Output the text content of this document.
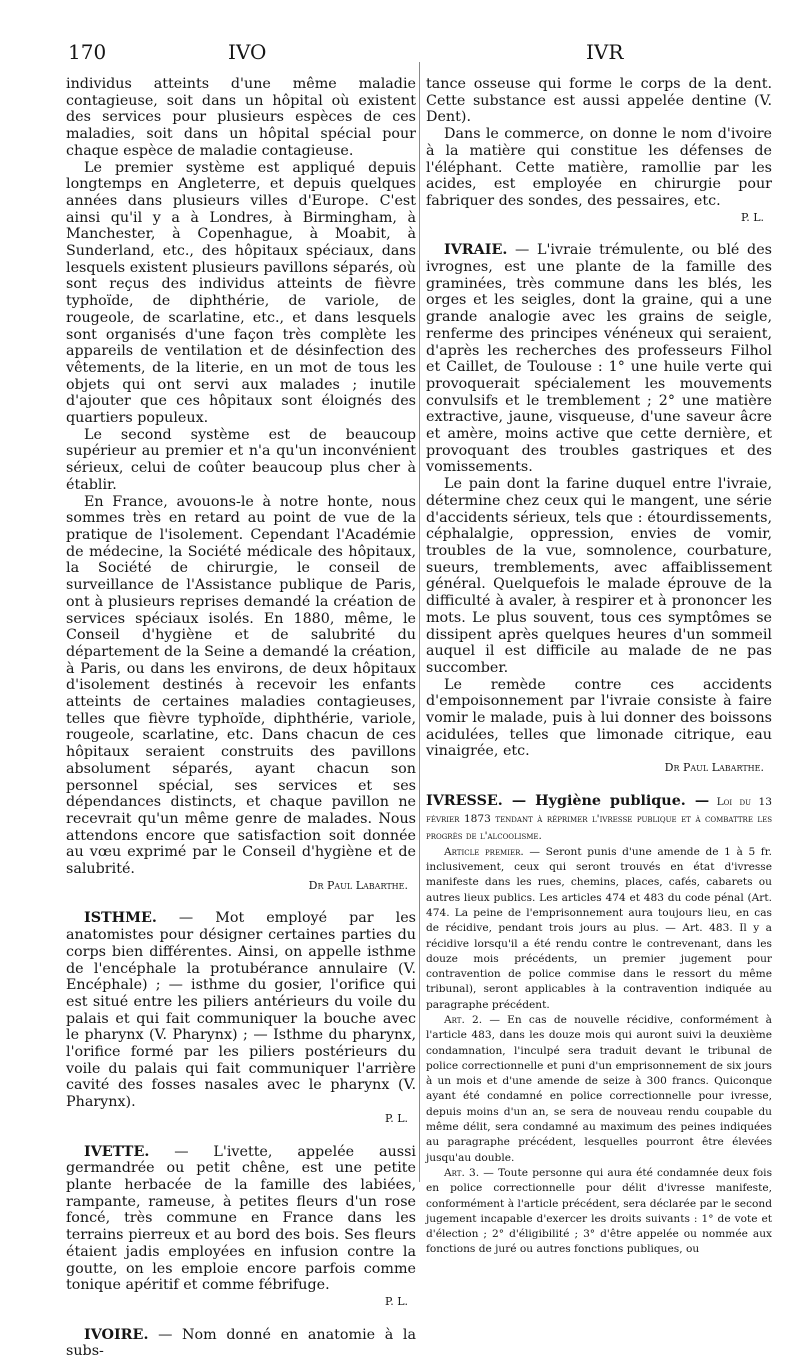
170	IVO	IVR

individus atteints d'une même maladie contagieuse, soit dans un hôpital où existent des services pour plusieurs espèces de ces maladies, soit dans un hôpital spécial pour chaque espèce de maladie contagieuse.

Le premier système est appliqué depuis longtemps en Angleterre, et depuis quelques années dans plusieurs villes d'Europe. C'est ainsi qu'il y a à Londres, à Birmingham, à Manchester, à Copenhague, à Moabit, à Sunderland, etc., des hôpitaux spéciaux, dans lesquels existent plusieurs pavillons séparés, où sont reçus des individus atteints de fièvre typhoïde, de diphthérie, de variole, de rougeole, de scarlatine, etc., et dans lesquels sont organisés d'une façon très complète les appareils de ventilation et de désinfection des vêtements, de la literie, en un mot de tous les objets qui ont servi aux malades ; inutile d'ajouter que ces hôpitaux sont éloignés des quartiers populeux.

Le second système est de beaucoup supérieur au premier et n'a qu'un inconvénient sérieux, celui de coûter beaucoup plus cher à établir.

En France, avouons-le à notre honte, nous sommes très en retard au point de vue de la pratique de l'isolement. Cependant l'Académie de médecine, la Société médicale des hôpitaux, la Société de chirurgie, le conseil de surveillance de l'Assistance publique de Paris, ont à plusieurs reprises demandé la création de services spéciaux isolés. En 1880, même, le Conseil d'hygiène et de salubrité du département de la Seine a demandé la création, à Paris, ou dans les environs, de deux hôpitaux d'isolement destinés à recevoir les enfants atteints de certaines maladies contagieuses, telles que fièvre typhoïde, diphthérie, variole, rougeole, scarlatine, etc. Dans chacun de ces hôpitaux seraient construits des pavillons absolument séparés, ayant chacun son personnel spécial, ses services et ses dépendances distincts, et chaque pavillon ne recevrait qu'un même genre de malades. Nous attendons encore que satisfaction soit donnée au vœu exprimé par le Conseil d'hygiène et de salubrité.

Dr Paul Labarthe.

ISTHME. — Mot employé par les anatomistes pour désigner certaines parties du corps bien différentes. Ainsi, on appelle isthme de l'encéphale la protubérance annulaire (V. Encéphale) ; — isthme du gosier, l'orifice qui est situé entre les piliers antérieurs du voile du palais et qui fait communiquer la bouche avec le pharynx (V. Pharynx) ; — Isthme du pharynx, l'orifice formé par les piliers postérieurs du voile du palais qui fait communiquer l'arrière cavité des fosses nasales avec le pharynx (V. Pharynx).

P. L.

IVETTE. — L'ivette, appelée aussi germandrée ou petit chêne, est une petite plante herbacée de la famille des labiées, rampante, rameuse, à petites fleurs d'un rose foncé, très commune en France dans les terrains pierreux et au bord des bois. Ses fleurs étaient jadis employées en infusion contre la goutte, on les emploie encore parfois comme tonique apéritif et comme fébrifuge.

P. L.

IVOIRE. — Nom donné en anatomie à la subs-

tance osseuse qui forme le corps de la dent. Cette substance est aussi appelée dentine (V. Dent).

Dans le commerce, on donne le nom d'ivoire à la matière qui constitue les défenses de l'éléphant. Cette matière, ramollie par les acides, est employée en chirurgie pour fabriquer des sondes, des pessaires, etc.

P. L.

IVRAIE. — L'ivraie trémulente, ou blé des ivrognes, est une plante de la famille des graminées, très commune dans les blés, les orges et les seigles, dont la graine, qui a une grande analogie avec les grains de seigle, renferme des principes vénéneux qui seraient, d'après les recherches des professeurs Filhol et Caillet, de Toulouse : 1° une huile verte qui provoquerait spécialement les mouvements convulsifs et le tremblement ; 2° une matière extractive, jaune, visqueuse, d'une saveur âcre et amère, moins active que cette dernière, et provoquant des troubles gastriques et des vomissements.

Le pain dont la farine duquel entre l'ivraie, détermine chez ceux qui le mangent, une série d'accidents sérieux, tels que : étourdissements, céphalalgie, oppression, envies de vomir, troubles de la vue, somnolence, courbature, sueurs, tremblements, avec affaiblissement général. Quelquefois le malade éprouve de la difficulté à avaler, à respirer et à prononcer les mots. Le plus souvent, tous ces symptômes se dissipent après quelques heures d'un sommeil auquel il est difficile au malade de ne pas succomber.

Le remède contre ces accidents d'empoisonnement par l'ivraie consiste à faire vomir le malade, puis à lui donner des boissons acidulées, telles que limonade citrique, eau vinaigrée, etc.

Dr Paul Labarthe.

IVRESSE. — Hygiène publique. — Loi du 13 février 1873 tendant à réprimer l'ivresse publique et à combattre les progrès de l'alcoolisme.

Article premier. — Seront punis d'une amende de 1 à 5 fr. inclusivement, ceux qui seront trouvés en état d'ivresse manifeste dans les rues, chemins, places, cafés, cabarets ou autres lieux publics. Les articles 474 et 483 du code pénal (Art. 474. La peine de l'emprisonnement aura toujours lieu, en cas de récidive, pendant trois jours au plus. — Art. 483. Il y a récidive lorsqu'il a été rendu contre le contrevenant, dans les douze mois précédents, un premier jugement pour contravention de police commise dans le ressort du même tribunal), seront applicables à la contravention indiquée au paragraphe précédent.

Art. 2. — En cas de nouvelle récidive, conformément à l'article 483, dans les douze mois qui auront suivi la deuxième condamnation, l'inculpé sera traduit devant le tribunal de police correctionnelle et puni d'un emprisonnement de six jours à un mois et d'une amende de seize à 300 francs. Quiconque ayant été condamné en police correctionnelle pour ivresse, depuis moins d'un an, se sera de nouveau rendu coupable du même délit, sera condamné au maximum des peines indiquées au paragraphe précédent, lesquelles pourront être élevées jusqu'au double.

Art. 3. — Toute personne qui aura été condamnée deux fois en police correctionnelle pour délit d'ivresse manifeste, conformément à l'article précédent, sera déclarée par le second jugement incapable d'exercer les droits suivants : 1° de vote et d'élection ; 2° d'éligibilité ; 3° d'être appelée ou nommée aux fonctions de juré ou autres fonctions publiques, ou
